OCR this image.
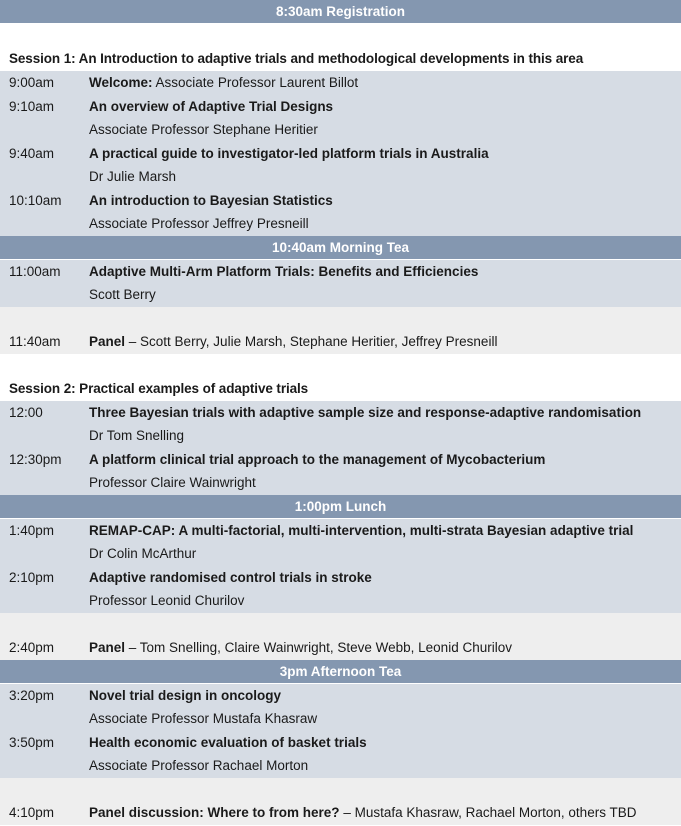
8:30am Registration
Session 1: An Introduction to adaptive trials and methodological developments in this area
9:00am	Welcome: Associate Professor Laurent Billot
9:10am	An overview of Adaptive Trial Designs
Associate Professor Stephane Heritier
9:40am	A practical guide to investigator-led platform trials in Australia
Dr Julie Marsh
10:10am	An introduction to Bayesian Statistics
Associate Professor Jeffrey Presneill
10:40am Morning Tea
11:00am	Adaptive Multi-Arm Platform Trials: Benefits and Efficiencies
Scott Berry
11:40am	Panel – Scott Berry, Julie Marsh, Stephane Heritier, Jeffrey Presneill
Session 2: Practical examples of adaptive trials
12:00	Three Bayesian trials with adaptive sample size and response-adaptive randomisation
Dr Tom Snelling
12:30pm	A platform clinical trial approach to the management of Mycobacterium
Professor Claire Wainwright
1:00pm Lunch
1:40pm	REMAP-CAP: A multi-factorial, multi-intervention, multi-strata Bayesian adaptive trial
Dr Colin McArthur
2:10pm	Adaptive randomised control trials in stroke
Professor Leonid Churilov
2:40pm	Panel – Tom Snelling, Claire Wainwright, Steve Webb, Leonid Churilov
3pm Afternoon Tea
3:20pm	Novel trial design in oncology
Associate Professor Mustafa Khasraw
3:50pm	Health economic evaluation of basket trials
Associate Professor Rachael Morton
4:10pm	Panel discussion: Where to from here? – Mustafa Khasraw, Rachael Morton, others TBD
